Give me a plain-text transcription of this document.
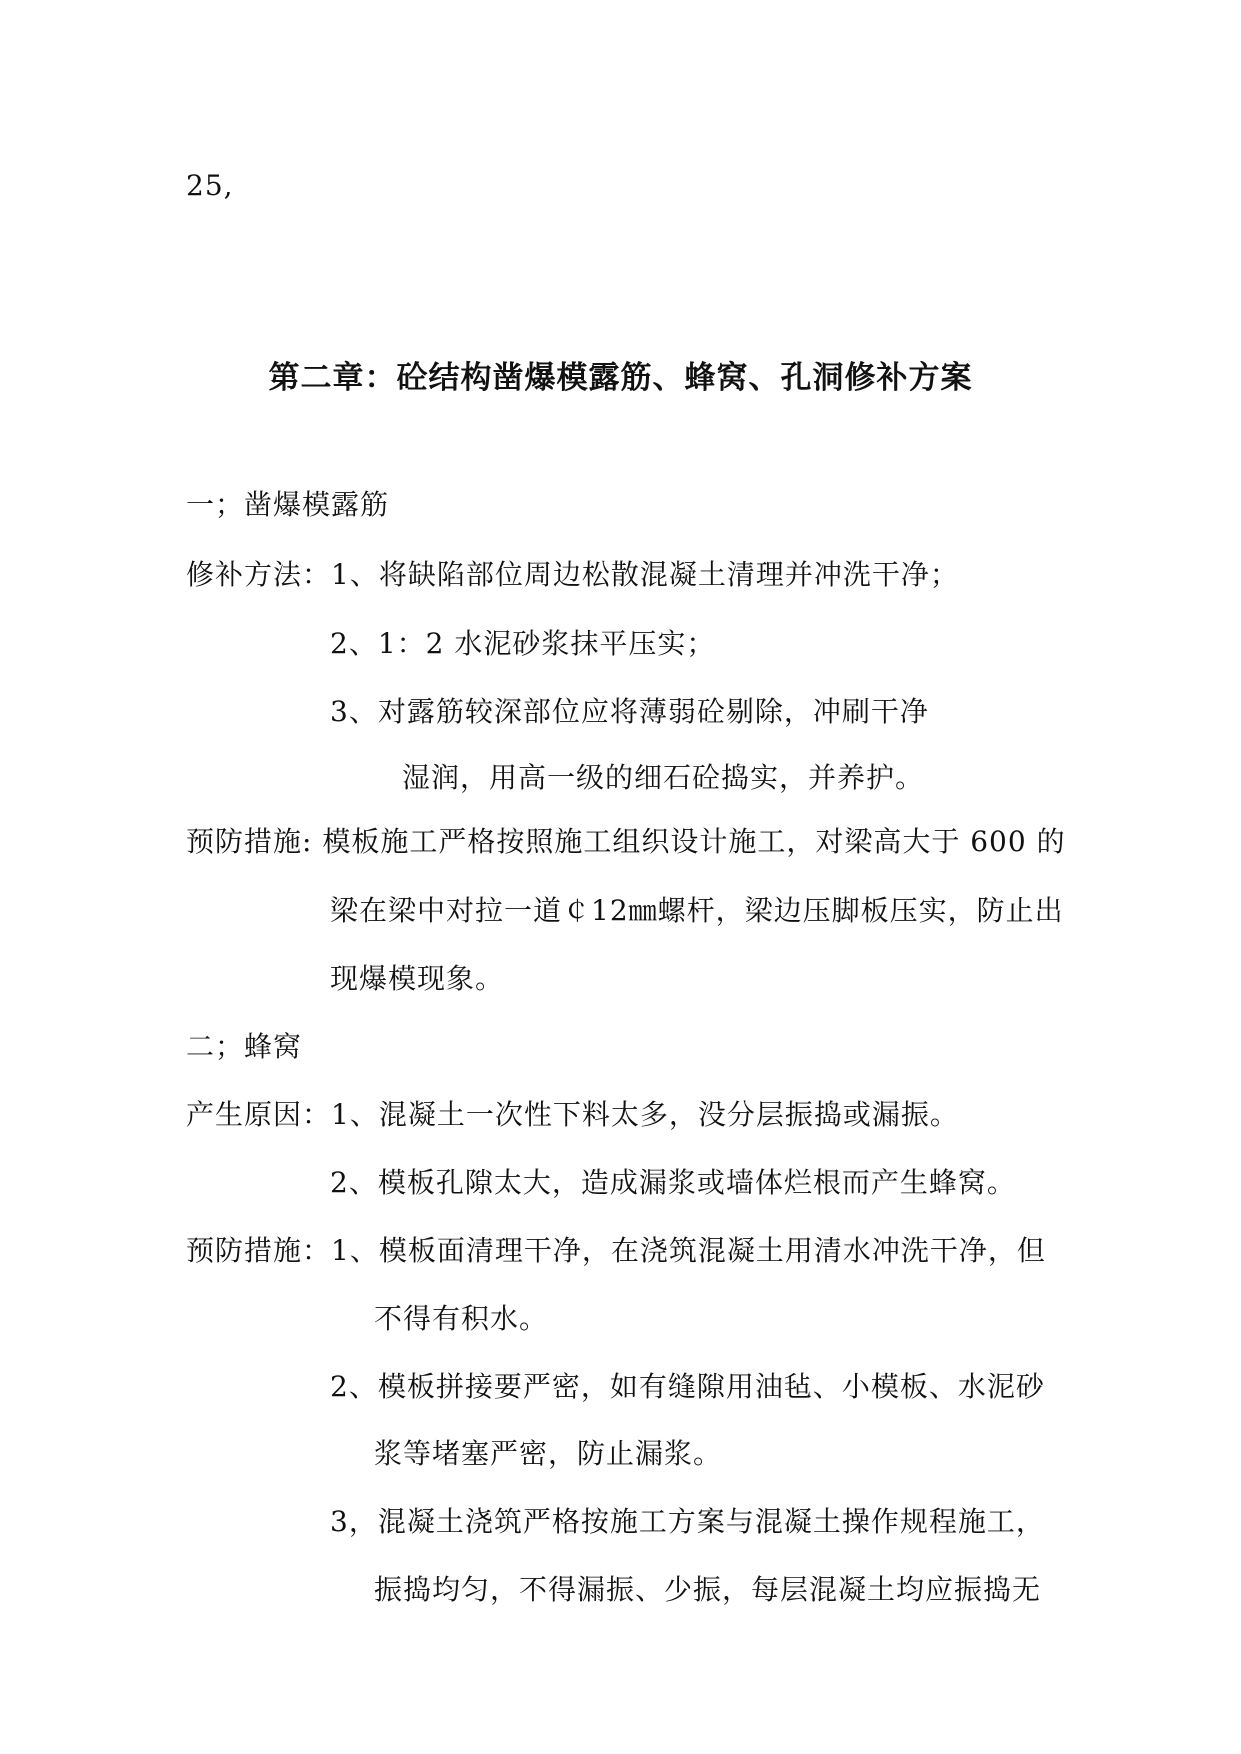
25,
第二章：砼结构凿爆模露筋、蜂窝、孔洞修补方案
一；凿爆模露筋
修补方法：1、将缺陷部位周边松散混凝土清理并冲洗干净；
2、1：2 水泥砂浆抹平压实；
3、对露筋较深部位应将薄弱砼剔除，冲刷干净
湿润，用高一级的细石砼捣实，并养护。
预防措施: 模板施工严格按照施工组织设计施工，对梁高大于 600 的
梁在梁中对拉一道￠12㎜螺杆，梁边压脚板压实，防止出
现爆模现象。
二；蜂窝
产生原因：1、混凝土一次性下料太多，没分层振捣或漏振。
2、模板孔隙太大，造成漏浆或墙体烂根而产生蜂窝。
预防措施：1、模板面清理干净，在浇筑混凝土用清水冲洗干净，但
不得有积水。
2、模板拼接要严密，如有缝隙用油毡、小模板、水泥砂
浆等堵塞严密，防止漏浆。
3，混凝土浇筑严格按施工方案与混凝土操作规程施工，
振捣均匀，不得漏振、少振，每层混凝土均应振捣无
